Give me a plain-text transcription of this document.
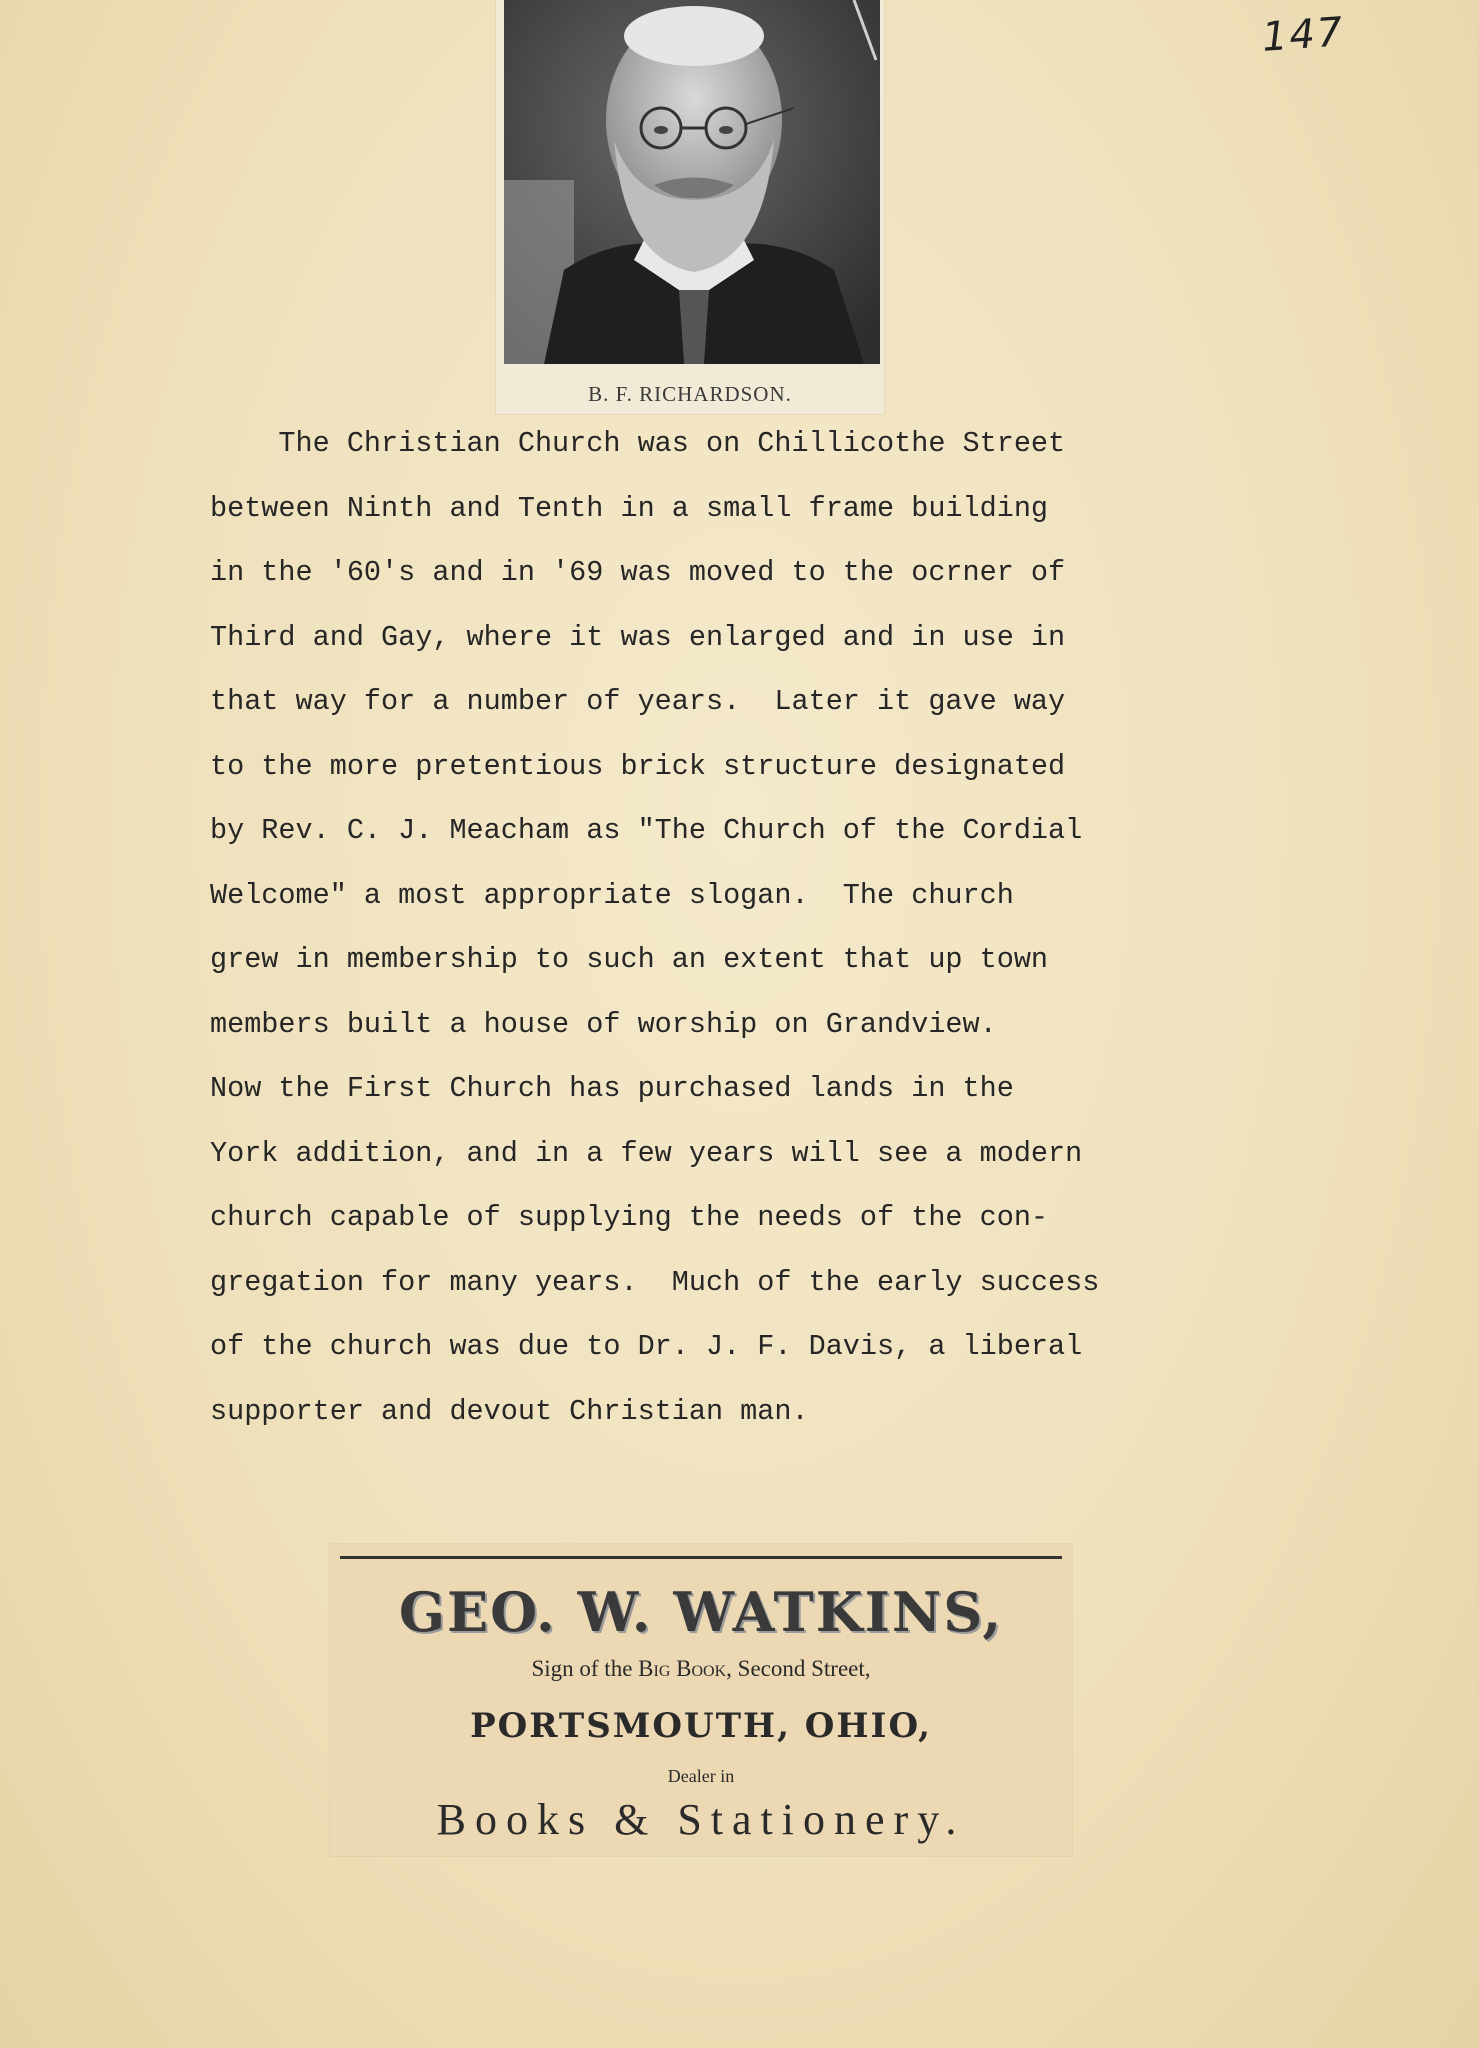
147
B. F. RICHARDSON.
The Christian Church was on Chillicothe Street
between Ninth and Tenth in a small frame building
in the '60's and in '69 was moved to the ocrner of
Third and Gay, where it was enlarged and in use in
that way for a number of years.  Later it gave way
to the more pretentious brick structure designated
by Rev. C. J. Meacham as "The Church of the Cordial
Welcome" a most appropriate slogan.  The church
grew in membership to such an extent that up town
members built a house of worship on Grandview.
Now the First Church has purchased lands in the
York addition, and in a few years will see a modern
church capable of supplying the needs of the con-
gregation for many years.  Much of the early success
of the church was due to Dr. J. F. Davis, a liberal
supporter and devout Christian man.
GEO. W. WATKINS,
Sign of the BIG BOOK, Second Street,
PORTSMOUTH, OHIO,
Dealer in
Books & Stationery.
